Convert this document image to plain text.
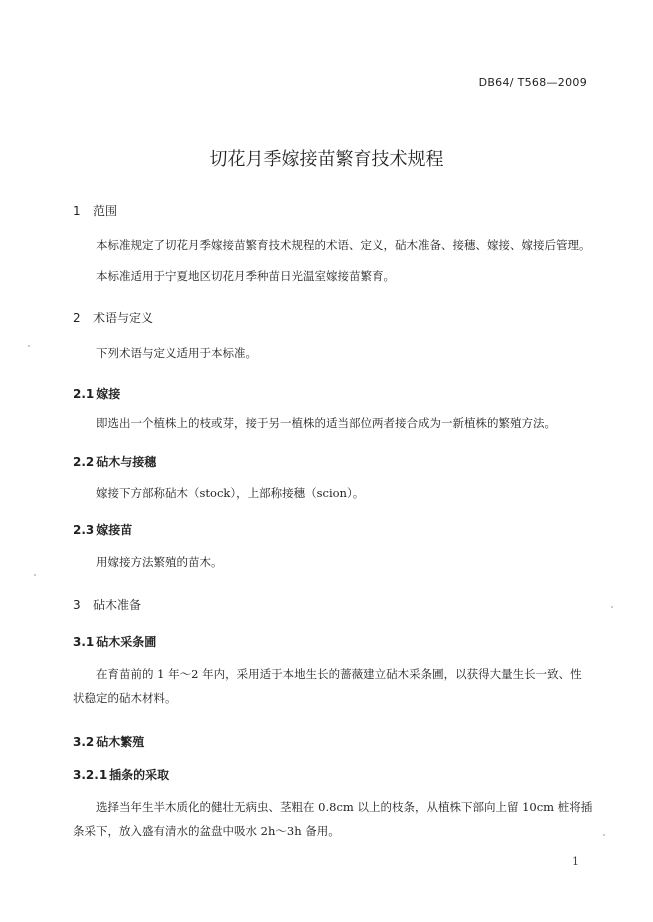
DB64/ T568—2009
切花月季嫁接苗繁育技术规程
1 范围
本标准规定了切花月季嫁接苗繁育技术规程的术语、定义，砧木准备、接穗、嫁接、嫁接后管理。
本标准适用于宁夏地区切花月季种苗日光温室嫁接苗繁育。
2 术语与定义
下列术语与定义适用于本标准。
2.1 嫁接
即选出一个植株上的枝或芽，接于另一植株的适当部位两者接合成为一新植株的繁殖方法。
2.2 砧木与接穗
嫁接下方部称砧木（stock），上部称接穗（scion）。
2.3 嫁接苗
用嫁接方法繁殖的苗木。
3 砧木准备
3.1 砧木采条圃
在育苗前的 1 年～2 年内，采用适于本地生长的蔷薇建立砧木采条圃，以获得大量生长一致、性状稳定的砧木材料。
3.2 砧木繁殖
3.2.1 插条的采取
选择当年生半木质化的健壮无病虫、茎粗在 0.8cm 以上的枝条，从植株下部向上留 10cm 桩将插条采下，放入盛有清水的盆盘中吸水 2h～3h 备用。
1
